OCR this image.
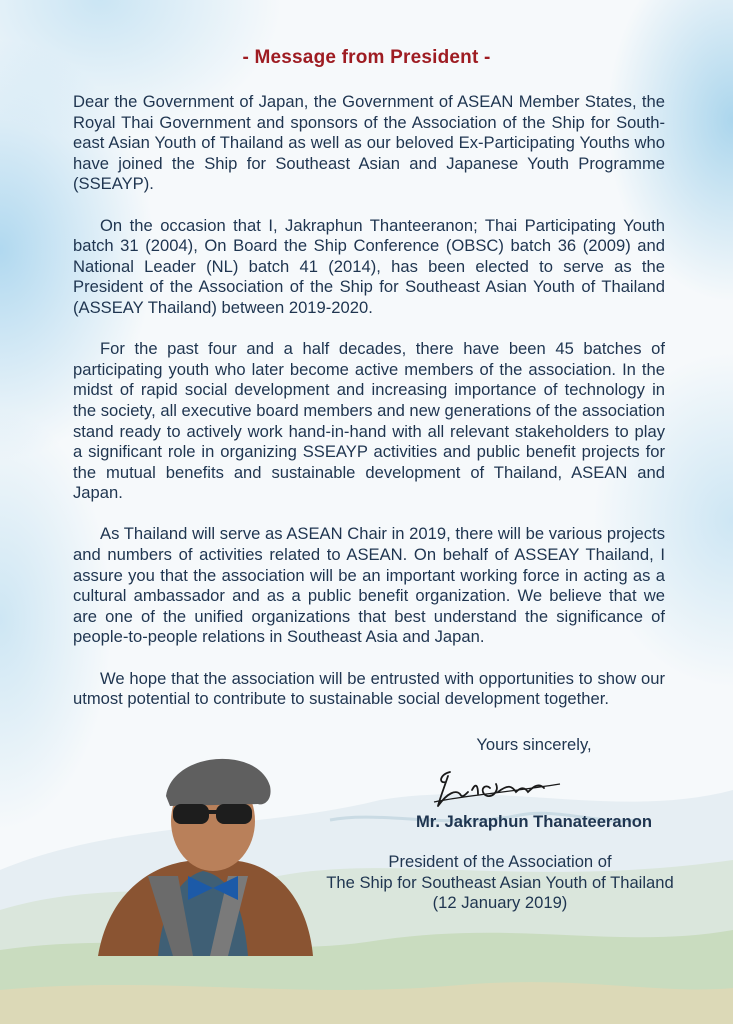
- Message from President -

Dear the Government of Japan, the Government of ASEAN Member States, the Royal Thai Government and sponsors of the Association of the Ship for South-east Asian Youth of Thailand as well as our beloved Ex-Participating Youths who have joined the Ship for Southeast Asian and Japanese Youth Programme (SSEAYP).

On the occasion that I, Jakraphun Thanteeranon; Thai Participating Youth batch 31 (2004), On Board the Ship Conference (OBSC) batch 36 (2009) and National Leader (NL) batch 41 (2014), has been elected to serve as the President of the Association of the Ship for Southeast Asian Youth of Thailand (ASSEAY Thailand) between 2019-2020.

For the past four and a half decades, there have been 45 batches of participating youth who later become active members of the association. In the midst of rapid social development and increasing importance of technology in the society, all executive board members and new generations of the association stand ready to actively work hand-in-hand with all relevant stakeholders to play a significant role in organizing SSEAYP activities and public benefit projects for the mutual benefits and sustainable development of Thailand, ASEAN and Japan.

As Thailand will serve as ASEAN Chair in 2019, there will be various projects and numbers of activities related to ASEAN. On behalf of ASSEAY Thailand, I assure you that the association will be an important working force in acting as a cultural ambassador and as a public benefit organization. We believe that we are one of the unified organizations that best understand the significance of people-to-people relations in Southeast Asia and Japan.

We hope that the association will be entrusted with opportunities to show our utmost potential to contribute to sustainable social development together.

Yours sincerely,
Mr. Jakraphun Thanateeranon
President of the Association of
The Ship for Southeast Asian Youth of Thailand
(12 January 2019)
